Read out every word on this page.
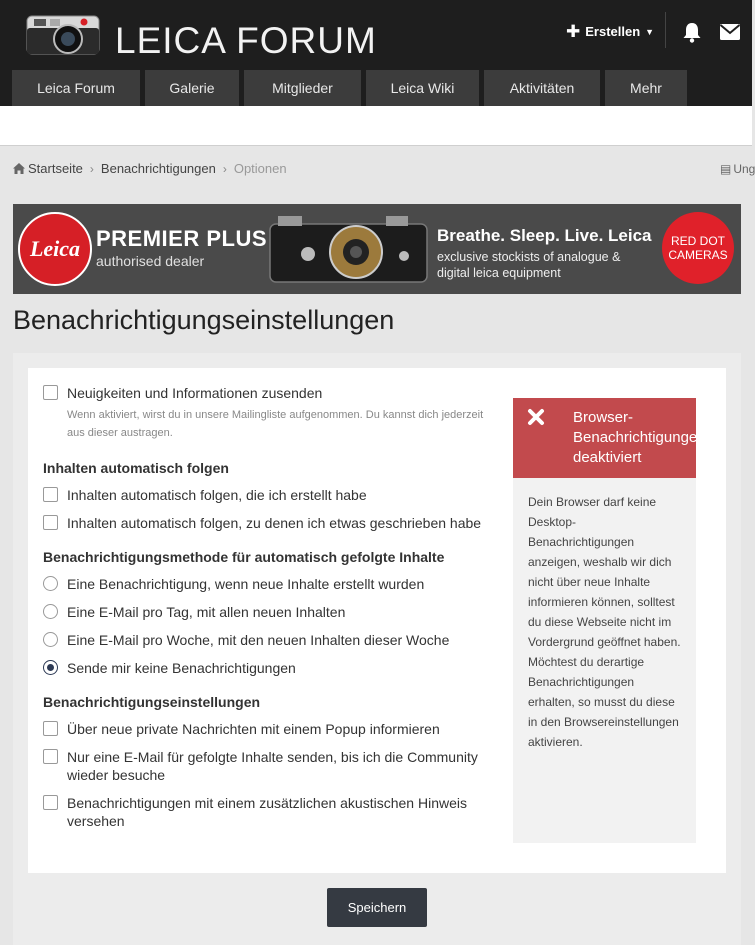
LEICA FORUM	✚ Erstellen ▼
Leica Forum	Galerie	Mitglieder	Leica Wiki	Aktivitäten	Mehr
Startseite › Benachrichtigungen › Optionen	▤ Ung
Leica PREMIER PLUS
authorised dealer
Breathe. Sleep. Live. Leica
exclusive stockists of analogue & digital leica equipment
RED DOT CAMERAS
Benachrichtigungseinstellungen
Neuigkeiten und Informationen zusenden
Wenn aktiviert, wirst du in unsere Mailingliste aufgenommen. Du kannst dich jederzeit aus dieser austragen.
Inhalten automatisch folgen
Inhalten automatisch folgen, die ich erstellt habe
Inhalten automatisch folgen, zu denen ich etwas geschrieben habe
Benachrichtigungsmethode für automatisch gefolgte Inhalte
Eine Benachrichtigung, wenn neue Inhalte erstellt wurden
Eine E-Mail pro Tag, mit allen neuen Inhalten
Eine E-Mail pro Woche, mit den neuen Inhalten dieser Woche
Sende mir keine Benachrichtigungen
Benachrichtigungseinstellungen
Über neue private Nachrichten mit einem Popup informieren
Nur eine E-Mail für gefolgte Inhalte senden, bis ich die Community wieder besuche
Benachrichtigungen mit einem zusätzlichen akustischen Hinweis versehen
Browser-Benachrichtigungen deaktiviert
Dein Browser darf keine Desktop-Benachrichtigungen anzeigen, weshalb wir dich nicht über neue Inhalte informieren können, solltest du diese Webseite nicht im Vordergrund geöffnet haben. Möchtest du derartige Benachrichtigungen erhalten, so musst du diese in den Browsereinstellungen aktivieren.
Speichern
